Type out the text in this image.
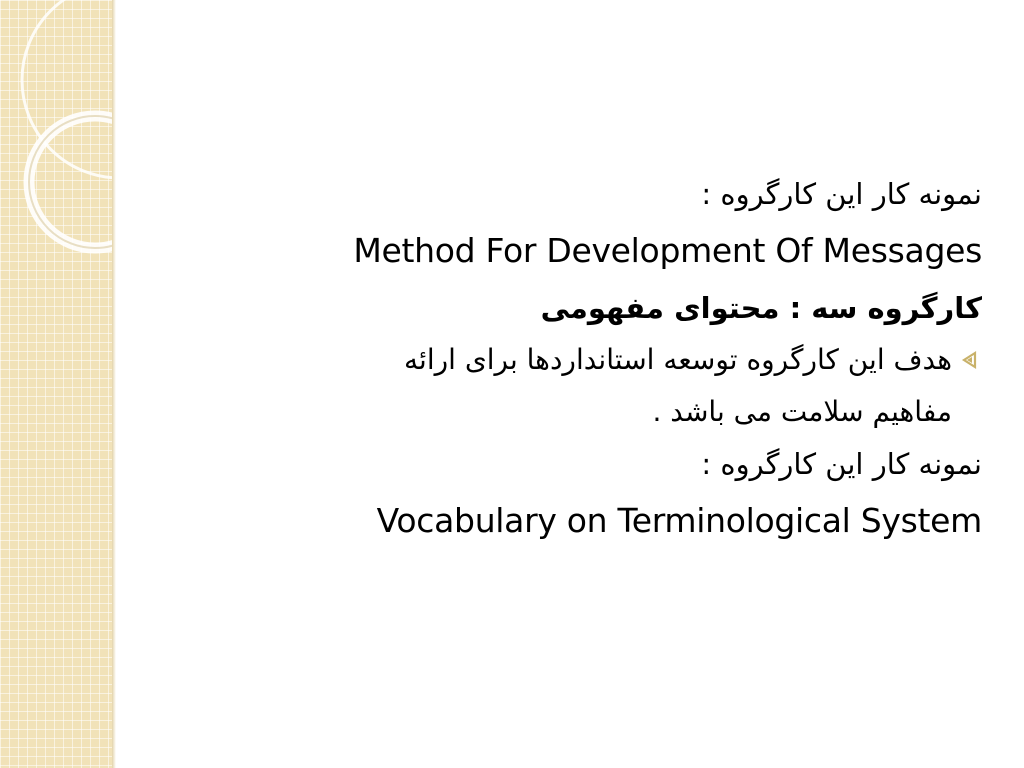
نمونه کار این کارگروه :

Method For Development Of Messages

کارگروه سه : محتوای مفهومی

هدف این کارگروه توسعه استانداردها برای ارائه
مفاهیم سلامت می باشد .

نمونه کار این کارگروه :

Vocabulary on Terminological System
